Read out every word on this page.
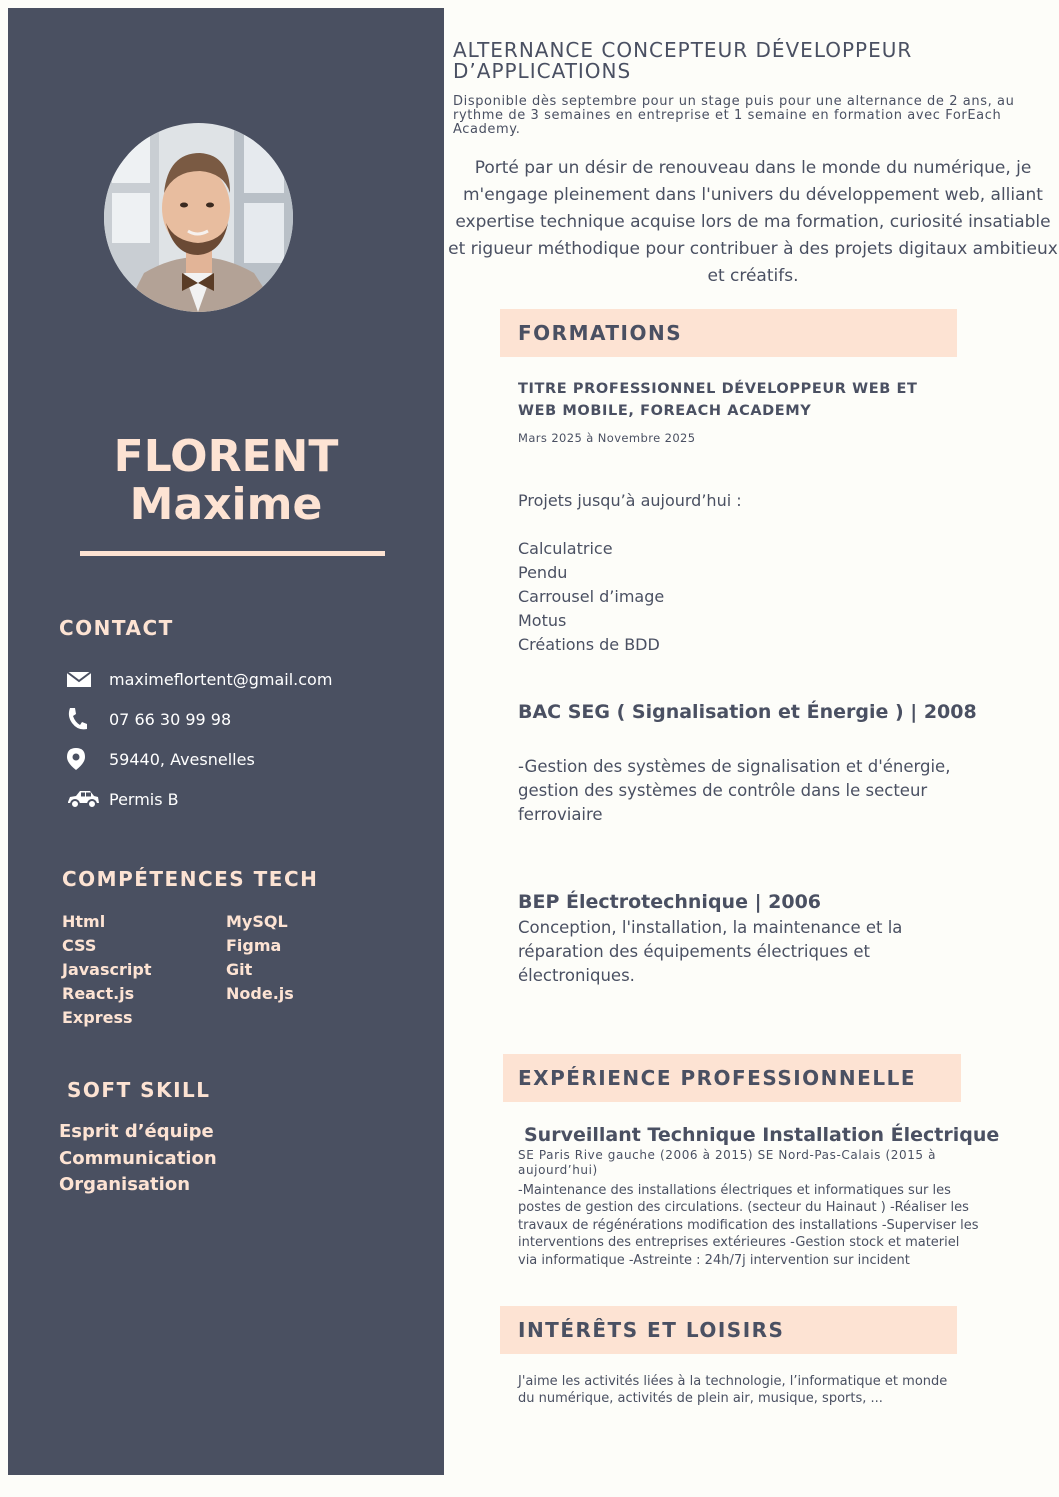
FLORENT
Maxime
CONTACT
maximeflortent@gmail.com
07 66 30 99 98
59440, Avesnelles
Permis B
COMPÉTENCES TECH
Html
CSS
Javascript
React.js
Express
MySQL
Figma
Git
Node.js
SOFT SKILL
Esprit d’équipe
Communication
Organisation
ALTERNANCE CONCEPTEUR DÉVELOPPEUR
D’APPLICATIONS
Disponible dès septembre pour un stage puis pour une alternance de 2 ans, au rythme de 3 semaines en entreprise et 1 semaine en formation avec ForEach Academy.
Porté par un désir de renouveau dans le monde du numérique, je m'engage pleinement dans l'univers du développement web, alliant expertise technique acquise lors de ma formation, curiosité insatiable et rigueur méthodique pour contribuer à des projets digitaux ambitieux et créatifs.
FORMATIONS
TITRE PROFESSIONNEL DÉVELOPPEUR WEB ET WEB MOBILE, FOREACH ACADEMY
Mars 2025 à Novembre 2025
Projets jusqu’à aujourd’hui :
Calculatrice
Pendu
Carrousel d’image
Motus
Créations de BDD
BAC SEG ( Signalisation et Énergie ) | 2008
-Gestion des systèmes de signalisation et d'énergie, gestion des systèmes de contrôle dans le secteur ferroviaire
BEP Électrotechnique | 2006
Conception, l'installation, la maintenance et la réparation des équipements électriques et électroniques.
EXPÉRIENCE PROFESSIONNELLE
Surveillant Technique Installation Électrique
SE Paris Rive gauche (2006 à 2015) SE Nord-Pas-Calais (2015 à aujourd’hui)
-Maintenance des installations électriques et informatiques sur les postes de gestion des circulations. (secteur du Hainaut ) -Réaliser les travaux de régénérations modification des installations -Superviser les interventions des entreprises extérieures -Gestion stock et materiel via informatique -Astreinte : 24h/7j intervention sur incident
INTÉRÊTS ET LOISIRS
J'aime les activités liées à la technologie, l’informatique et monde du numérique, activités de plein air, musique, sports, ...
